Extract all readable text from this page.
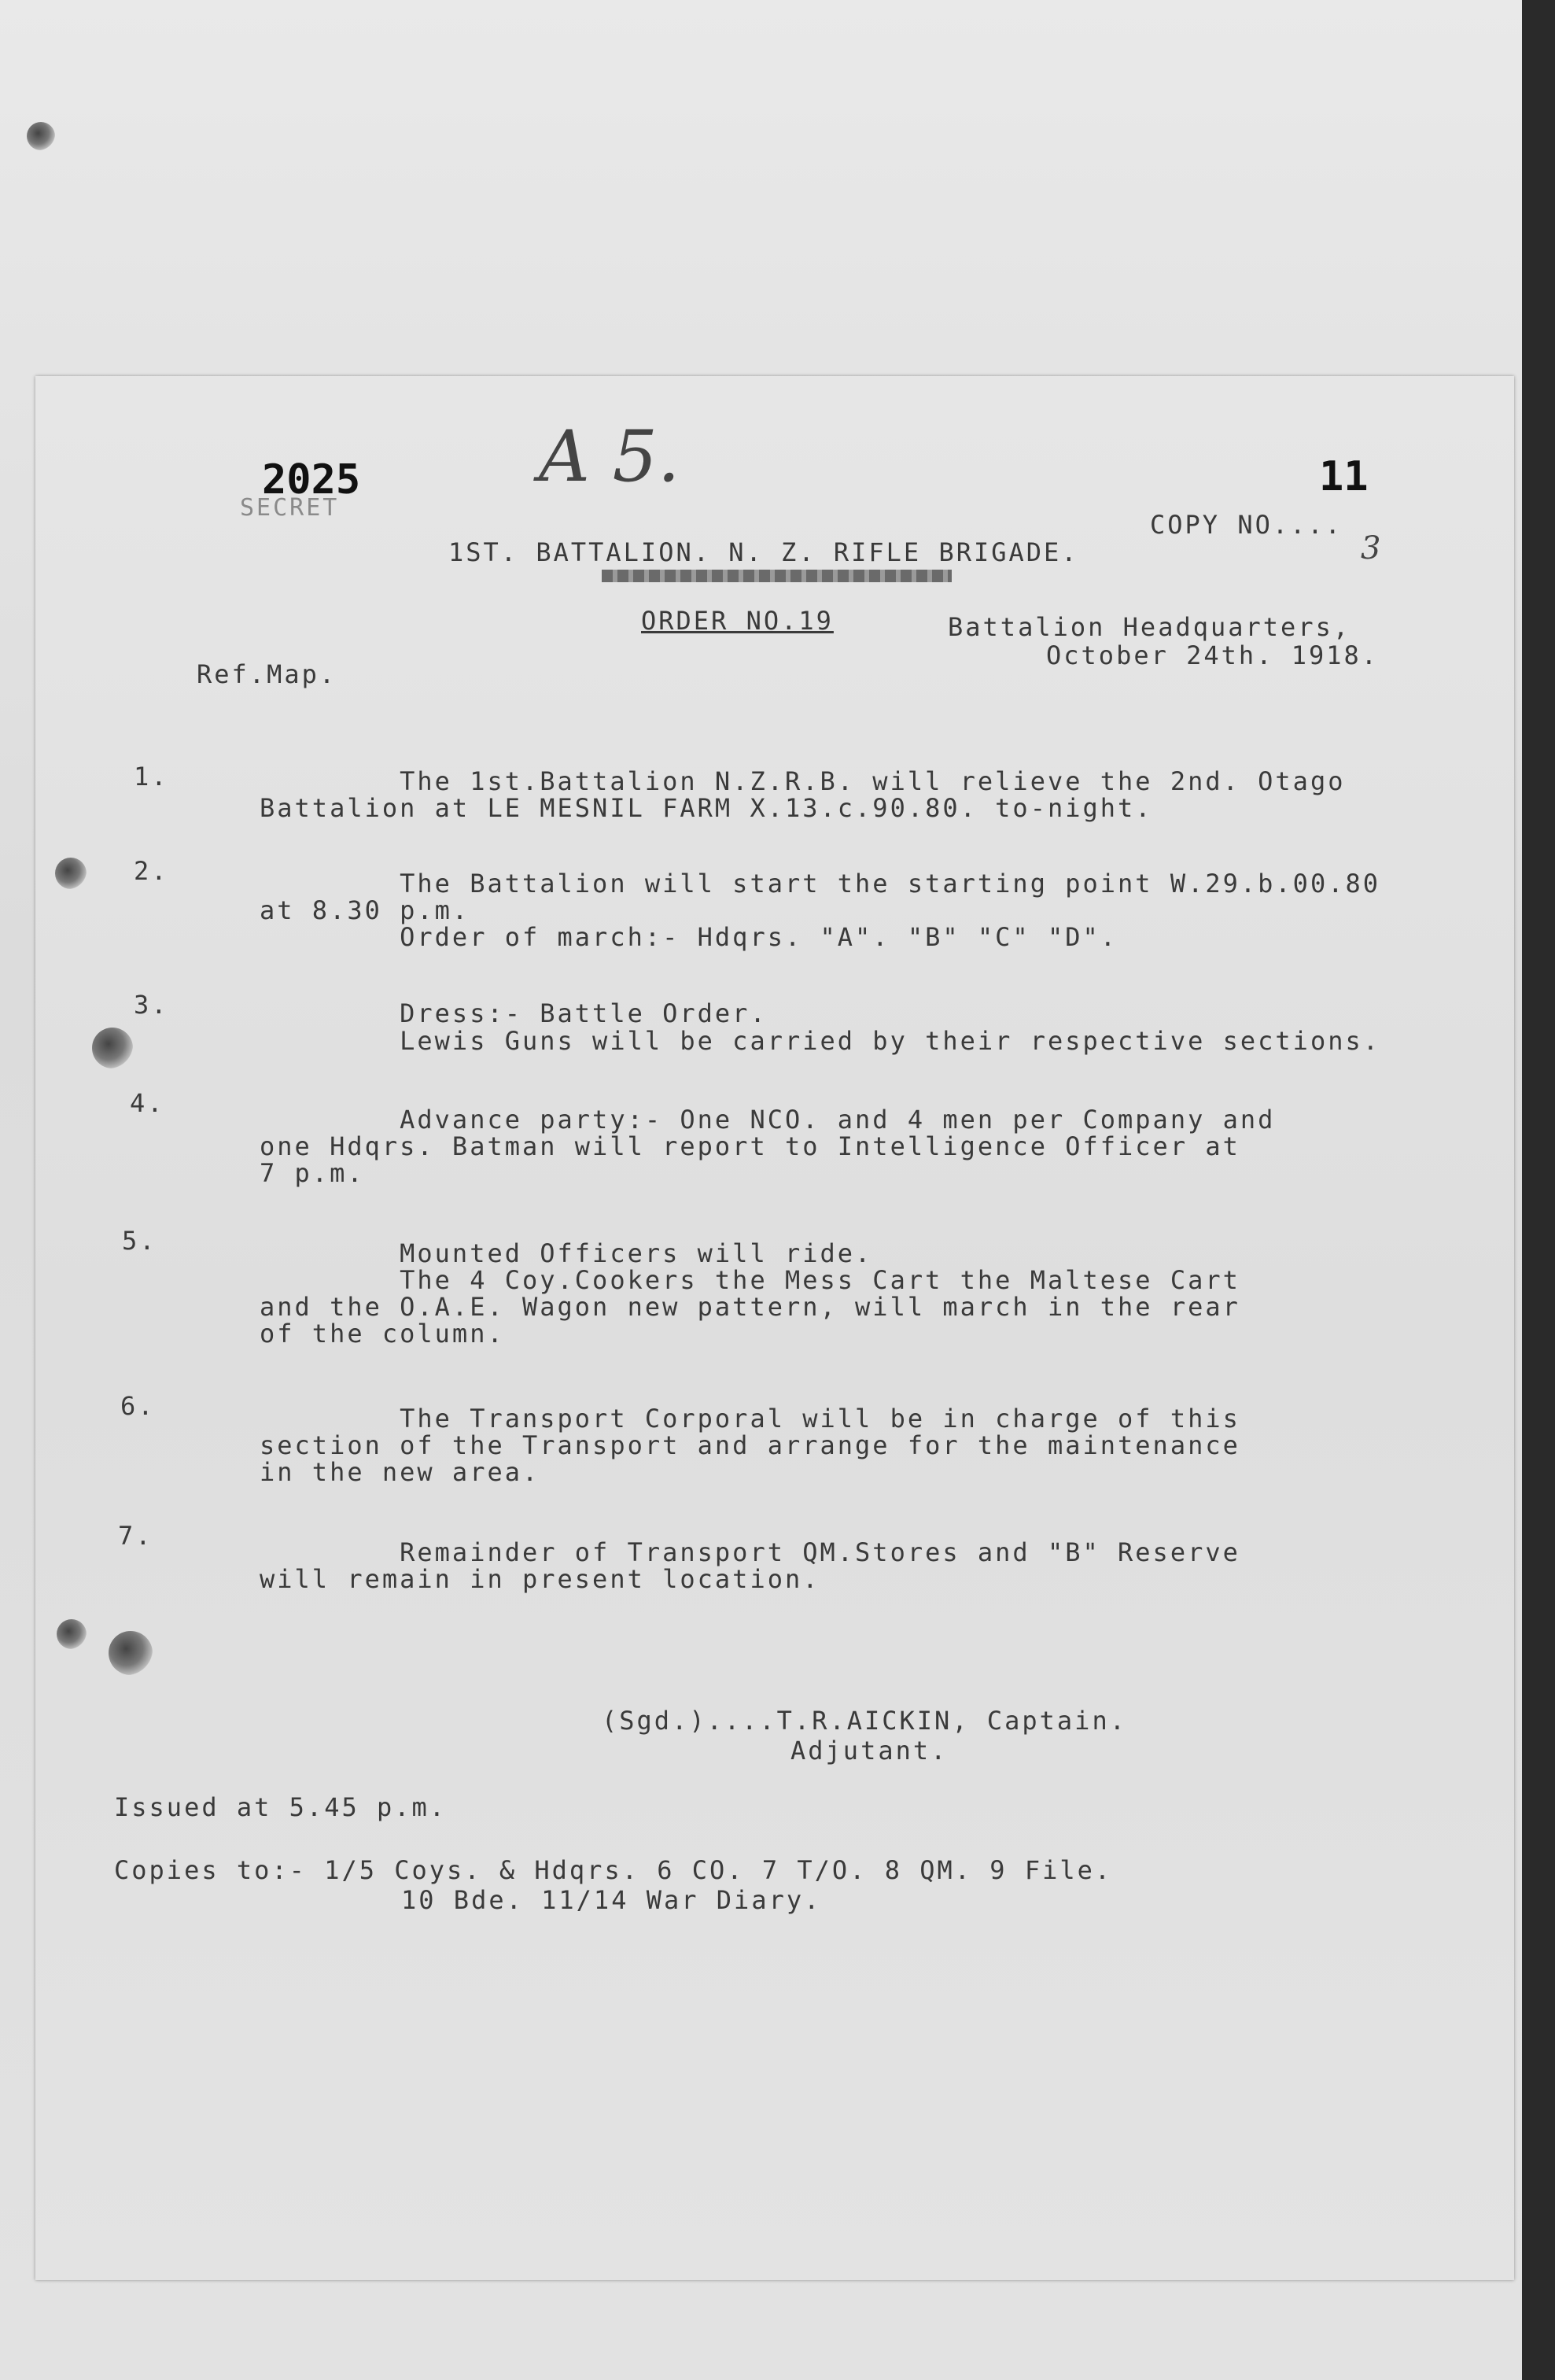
SECRET
2025	A 5.	11
COPY NO....
3
1ST. BATTALION. N. Z. RIFLE BRIGADE.
ORDER NO.19	Battalion Headquarters,
October 24th. 1918.
Ref.Map.
1.	The 1st.Battalion N.Z.R.B. will relieve the 2nd. Otago
Battalion at LE MESNIL FARM X.13.c.90.80. to-night.
2.	The Battalion will start the starting point W.29.b.00.80
at 8.30 p.m.
Order of march:- Hdqrs. "A". "B" "C" "D".
3.	Dress:- Battle Order.
Lewis Guns will be carried by their respective sections.
4.
Advance party:- One NCO. and 4 men per Company and
one Hdqrs. Batman will report to Intelligence Officer at
7 p.m.
5.	Mounted Officers will ride.
The 4 Coy.Cookers the Mess Cart the Maltese Cart
and the O.A.E. Wagon new pattern, will march in the rear
of the column.
6.	The Transport Corporal will be in charge of this
section of the Transport and arrange for the maintenance
in the new area.
7.
Remainder of Transport QM.Stores and "B" Reserve
will remain in present location.
(Sgd.)....T.R.AICKIN, Captain.
Adjutant.
Issued at 5.45 p.m.
Copies to:- 1/5 Coys. & Hdqrs. 6 CO. 7 T/O. 8 QM. 9 File.
10 Bde. 11/14 War Diary.
